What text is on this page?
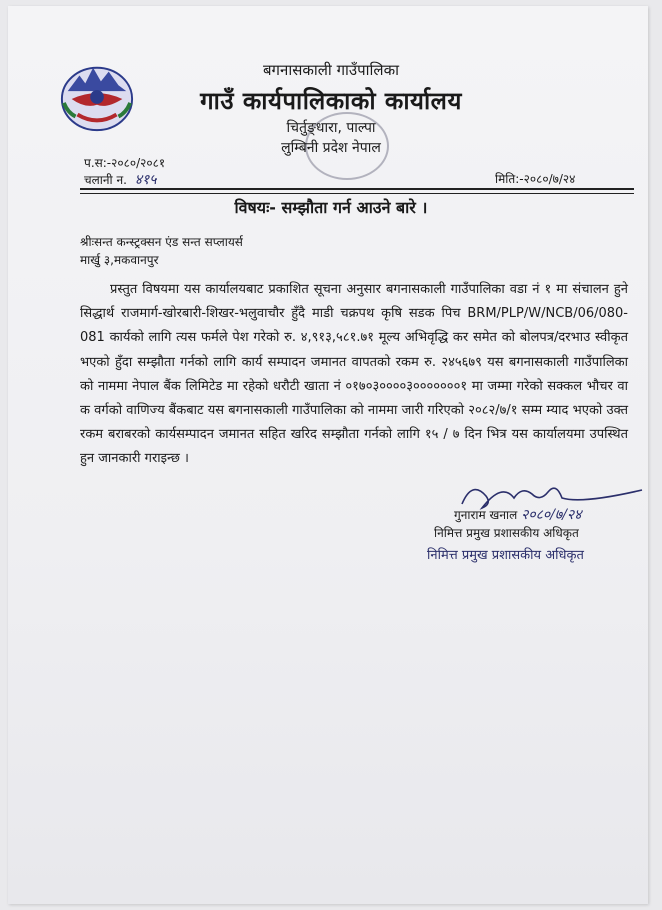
बगनासकाली गाउँपालिका
गाउँ कार्यपालिकाको कार्यालय
चिर्तुङ्धारा, पाल्पा
लुम्बिनी प्रदेश नेपाल
प.स:-२०८०/२०८१
चलानी न. ४१५	मिति:-२०८०/७/२४
विषयः- सम्झौता गर्न आउने बारे ।
श्रीःसन्त कन्स्ट्रक्सन एंड सन्त सप्लायर्स
मार्खु ३,मकवानपुर

प्रस्तुत विषयमा यस कार्यालयबाट प्रकाशित सूचना अनुसार बगनासकाली गाउँपालिका वडा नं १ मा संचालन हुने सिद्धार्थ राजमार्ग-खोरबारी-शिखर-भलुवाचौर हुँदै माडी चक्रपथ कृषि सडक पिच BRM/PLP/W/NCB/06/080-081 कार्यको लागि त्यस फर्मले पेश गरेको रु. ४,९१३,५८१.७१ मूल्य अभिवृद्धि कर समेत को बोलपत्र/दरभाउ स्वीकृत भएको हुँदा सम्झौता गर्नको लागि कार्य सम्पादन जमानत वापतको रकम रु. २४५६७९ यस बगनासकाली गाउँपालिका को नाममा नेपाल बैंक लिमिटेड मा रहेको धरौटी खाता नं ०१७०३००००३०००००००१ मा जम्मा गरेको सक्कल भौचर वा क वर्गको वाणिज्य बैंकबाट यस बगनासकाली गाउँपालिका को नाममा जारी गरिएको २०८२/७/१ सम्म म्याद भएको उक्त रकम बराबरको कार्यसम्पादन जमानत सहित खरिद सम्झौता गर्नको लागि १५ / ७ दिन भित्र यस कार्यालयमा उपस्थित हुन जानकारी गराइन्छ ।

गुनाराम खनाल २०८०/७/२४
निमित्त प्रमुख प्रशासकीय अधिकृत
निमित्त प्रमुख प्रशासकीय अधिकृत
